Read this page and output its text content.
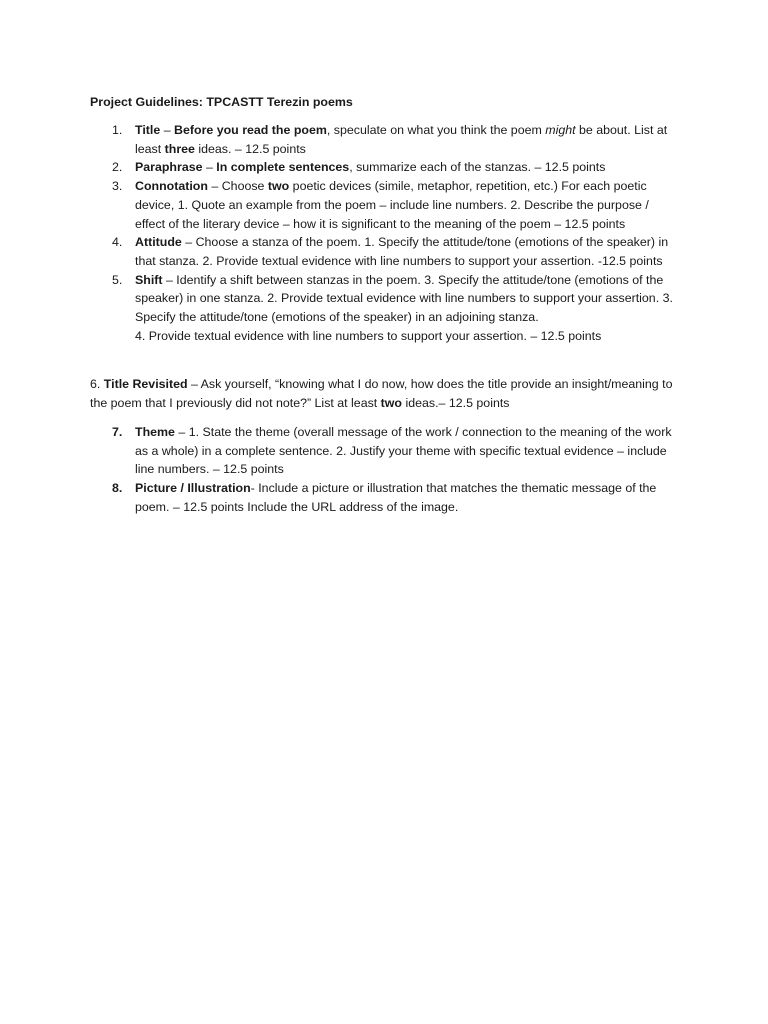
Project Guidelines: TPCASTT Terezin poems

1. Title – Before you read the poem, speculate on what you think the poem might be about. List at least three ideas. – 12.5 points
2. Paraphrase – In complete sentences, summarize each of the stanzas. – 12.5 points
3. Connotation – Choose two poetic devices (simile, metaphor, repetition, etc.) For each poetic device, 1. Quote an example from the poem – include line numbers. 2. Describe the purpose / effect of the literary device – how it is significant to the meaning of the poem – 12.5 points
4. Attitude – Choose a stanza of the poem. 1. Specify the attitude/tone (emotions of the speaker) in that stanza. 2. Provide textual evidence with line numbers to support your assertion. -12.5 points
5. Shift – Identify a shift between stanzas in the poem. 3. Specify the attitude/tone (emotions of the speaker) in one stanza. 2. Provide textual evidence with line numbers to support your assertion. 3. Specify the attitude/tone (emotions of the speaker) in an adjoining stanza.
4. Provide textual evidence with line numbers to support your assertion. – 12.5 points

6. Title Revisited – Ask yourself, “knowing what I do now, how does the title provide an insight/meaning to the poem that I previously did not note?” List at least two ideas.– 12.5 points

7. Theme – 1. State the theme (overall message of the work / connection to the meaning of the work as a whole) in a complete sentence. 2. Justify your theme with specific textual evidence – include line numbers. – 12.5 points
8. Picture / Illustration- Include a picture or illustration that matches the thematic message of the poem. – 12.5 points Include the URL address of the image.
